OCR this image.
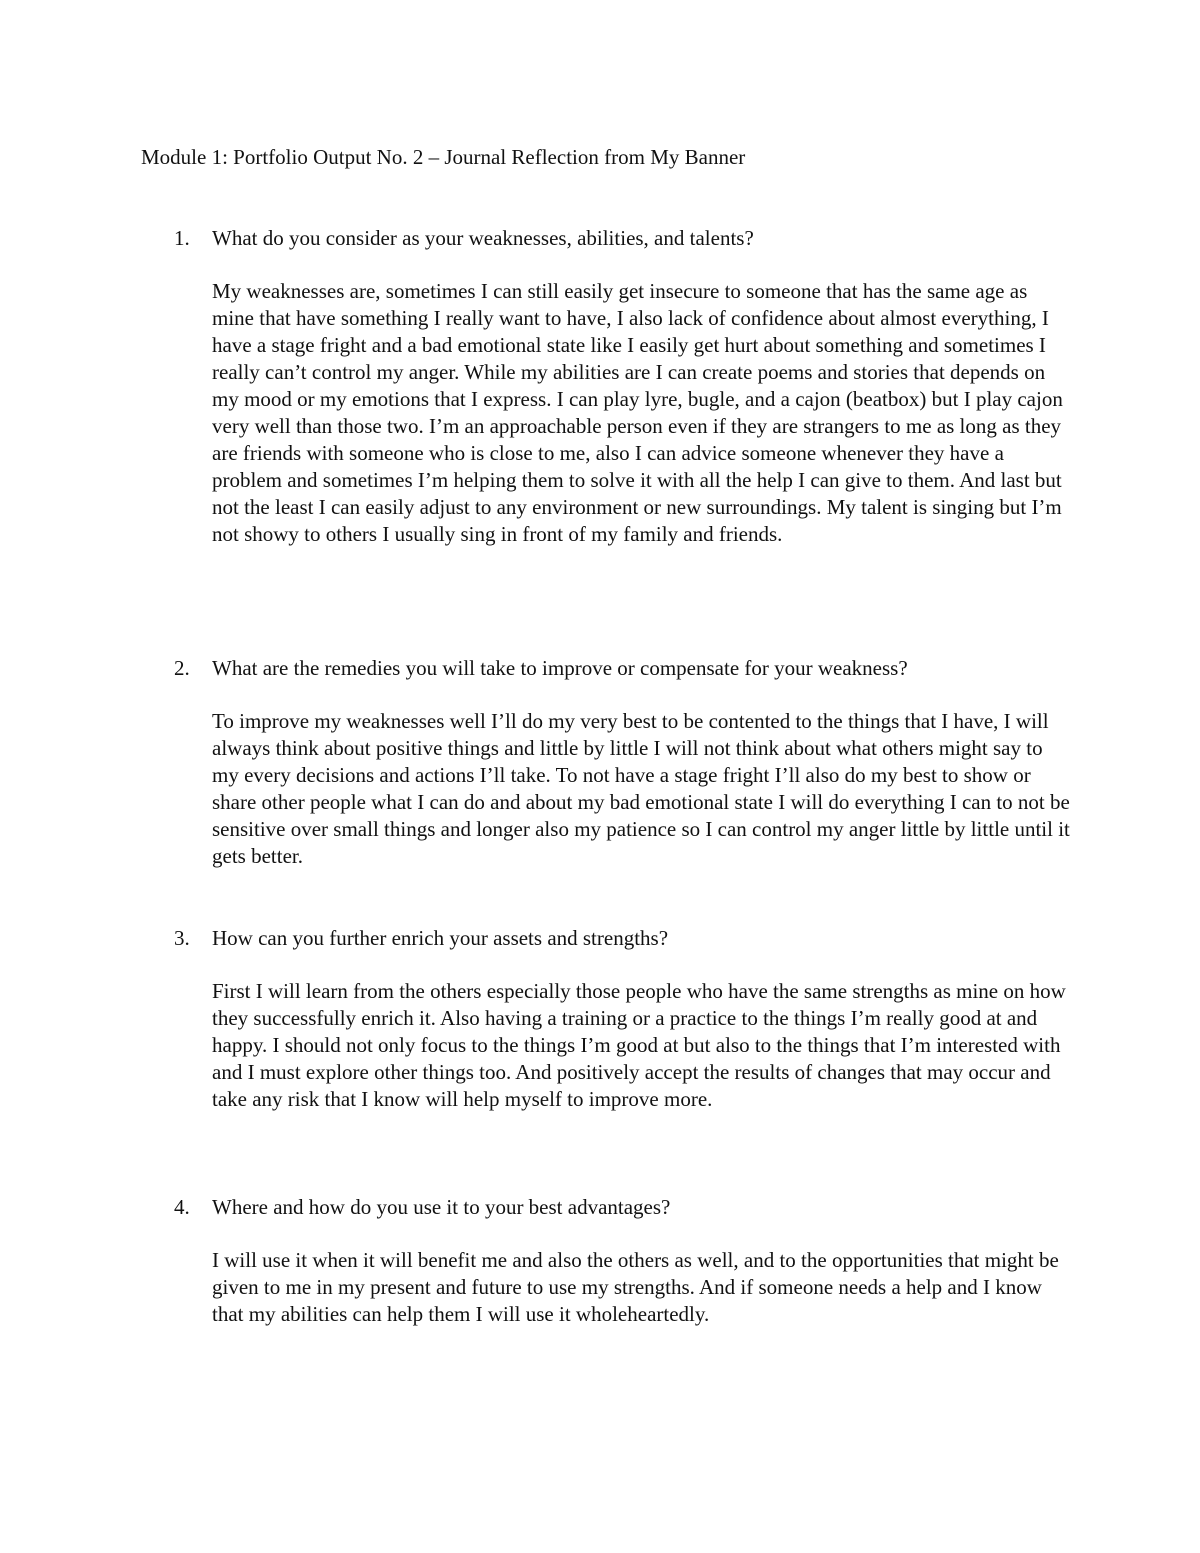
Module 1: Portfolio Output No. 2 – Journal Reflection from My Banner
1. What do you consider as your weaknesses, abilities, and talents?

My weaknesses are, sometimes I can still easily get insecure to someone that has the same age as mine that have something I really want to have, I also lack of confidence about almost everything, I have a stage fright and a bad emotional state like I easily get hurt about something and sometimes I really can’t control my anger. While my abilities are I can create poems and stories that depends on my mood or my emotions that I express. I can play lyre, bugle, and a cajon (beatbox) but I play cajon very well than those two. I’m an approachable person even if they are strangers to me as long as they are friends with someone who is close to me, also I can advice someone whenever they have a problem and sometimes I’m helping them to solve it with all the help I can give to them. And last but not the least I can easily adjust to any environment or new surroundings. My talent is singing but I’m not showy to others I usually sing in front of my family and friends.

2. What are the remedies you will take to improve or compensate for your weakness?

To improve my weaknesses well I’ll do my very best to be contented to the things that I have, I will always think about positive things and little by little I will not think about what others might say to my every decisions and actions I’ll take. To not have a stage fright I’ll also do my best to show or share other people what I can do and about my bad emotional state I will do everything I can to not be sensitive over small things and longer also my patience so I can control my anger little by little until it gets better.

3. How can you further enrich your assets and strengths?

First I will learn from the others especially those people who have the same strengths as mine on how they successfully enrich it. Also having a training or a practice to the things I’m really good at and happy. I should not only focus to the things I’m good at but also to the things that I’m interested with and I must explore other things too. And positively accept the results of changes that may occur and take any risk that I know will help myself to improve more.

4. Where and how do you use it to your best advantages?

I will use it when it will benefit me and also the others as well, and to the opportunities that might be given to me in my present and future to use my strengths. And if someone needs a help and I know that my abilities can help them I will use it wholeheartedly.
